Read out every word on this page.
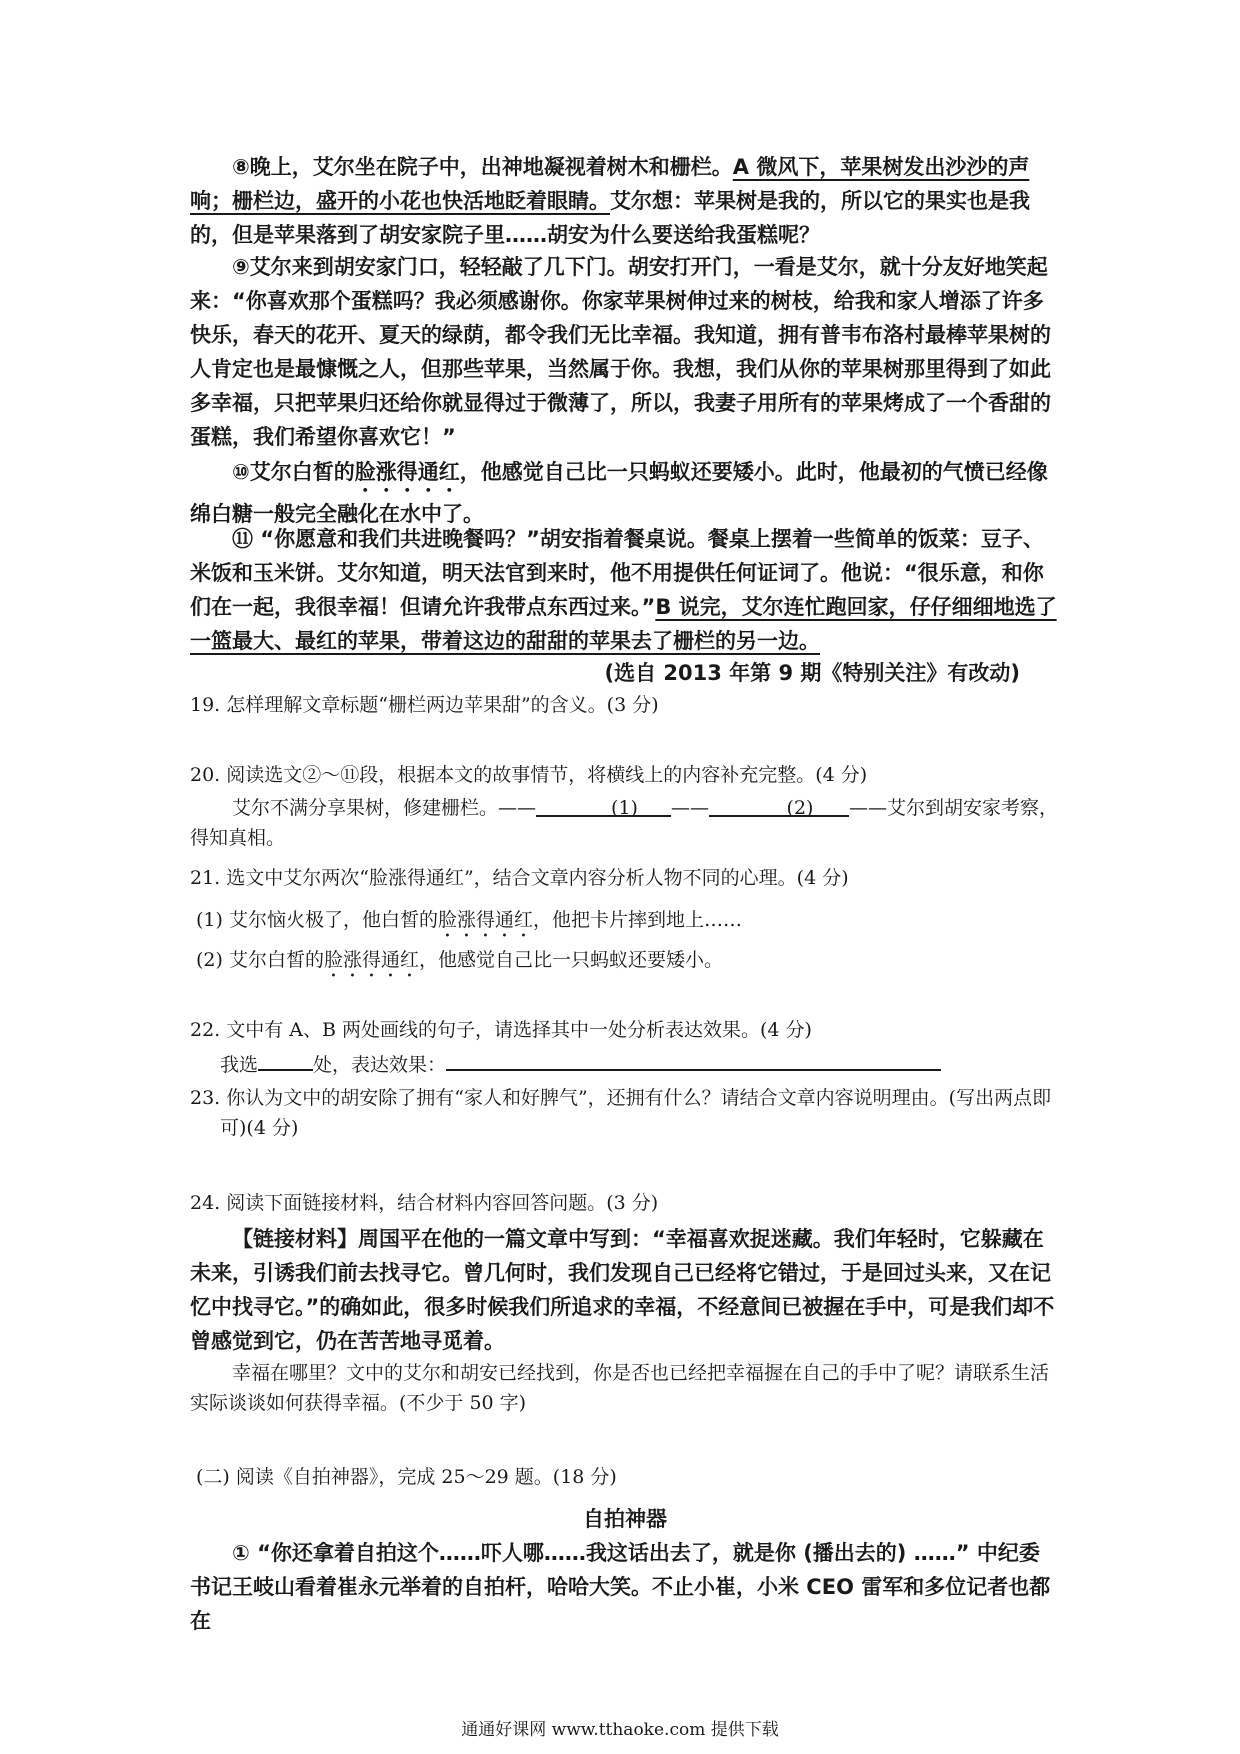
⑧晚上，艾尔坐在院子中，出神地凝视着树木和栅栏。A 微风下，苹果树发出沙沙的声响；栅栏边，盛开的小花也快活地眨着眼睛。艾尔想：苹果树是我的，所以它的果实也是我的，但是苹果落到了胡安家院子里……胡安为什么要送给我蛋糕呢？

⑨艾尔来到胡安家门口，轻轻敲了几下门。胡安打开门，一看是艾尔，就十分友好地笑起来：“你喜欢那个蛋糕吗？我必须感谢你。你家苹果树伸过来的树枝，给我和家人增添了许多快乐，春天的花开、夏天的绿荫，都令我们无比幸福。我知道，拥有普韦布洛村最棒苹果树的人肯定也是最慷慨之人，但那些苹果，当然属于你。我想，我们从你的苹果树那里得到了如此多幸福，只把苹果归还给你就显得过于微薄了，所以，我妻子用所有的苹果烤成了一个香甜的蛋糕，我们希望你喜欢它！”

⑩艾尔白皙的脸涨得通红，他感觉自己比一只蚂蚁还要矮小。此时，他最初的气愤已经像绵白糖一般完全融化在水中了。

⑪ “你愿意和我们共进晚餐吗？”胡安指着餐桌说。餐桌上摆着一些简单的饭菜：豆子、米饭和玉米饼。艾尔知道，明天法官到来时，他不用提供任何证词了。他说：“很乐意，和你们在一起，我很幸福！但请允许我带点东西过来。”B 说完，艾尔连忙跑回家，仔仔细细地选了一篮最大、最红的苹果，带着这边的甜甜的苹果去了栅栏的另一边。

(选自 2013 年第 9 期《特别关注》有改动)

19. 怎样理解文章标题“栅栏两边苹果甜”的含义。(3 分)

20. 阅读选文②～⑪段，根据本文的故事情节，将横线上的内容补充完整。(4 分)

艾尔不满分享果树，修建栅栏。——	(1) ——	(2) ——艾尔到胡安家考察，得知真相。

21. 选文中艾尔两次“脸涨得通红”，结合文章内容分析人物不同的心理。(4 分)

(1) 艾尔恼火极了，他白皙的脸涨得通红，他把卡片摔到地上……

(2) 艾尔白皙的脸涨得通红，他感觉自己比一只蚂蚁还要矮小。

22. 文中有 A、B 两处画线的句子，请选择其中一处分析表达效果。(4 分)

我选	处，表达效果：

23. 你认为文中的胡安除了拥有“家人和好脾气”，还拥有什么？请结合文章内容说明理由。(写出两点即可)(4 分)

24. 阅读下面链接材料，结合材料内容回答问题。(3 分)

【链接材料】周国平在他的一篇文章中写到：“幸福喜欢捉迷藏。我们年轻时，它躲藏在未来，引诱我们前去找寻它。曾几何时，我们发现自己已经将它错过，于是回过头来，又在记忆中找寻它。”的确如此，很多时候我们所追求的幸福，不经意间已被握在手中，可是我们却不曾感觉到它，仍在苦苦地寻觅着。

幸福在哪里？文中的艾尔和胡安已经找到，你是否也已经把幸福握在自己的手中了呢？请联系生活实际谈谈如何获得幸福。(不少于 50 字)

(二) 阅读《自拍神器》，完成 25～29 题。(18 分)

自拍神器

① “你还拿着自拍这个……吓人哪……我这话出去了，就是你 (播出去的) ……” 中纪委书记王岐山看着崔永元举着的自拍杆，哈哈大笑。不止小崔，小米 CEO 雷军和多位记者也都在

通通好课网 www.tthaoke.com 提供下载
